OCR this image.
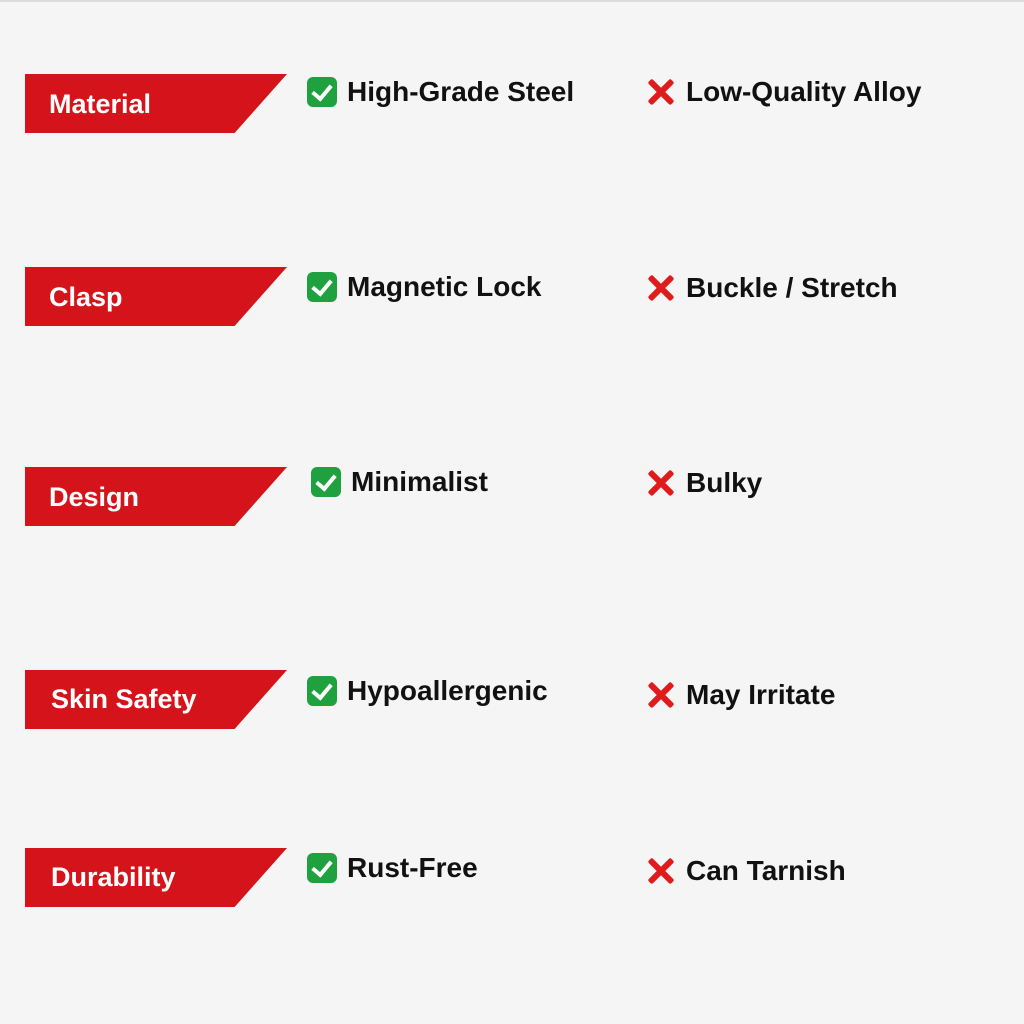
Material	High-Grade Steel	Low-Quality Alloy
Clasp	Magnetic Lock	Buckle / Stretch
Design	Minimalist	Bulky
Skin Safety	Hypoallergenic	May Irritate
Durability	Rust-Free	Can Tarnish
